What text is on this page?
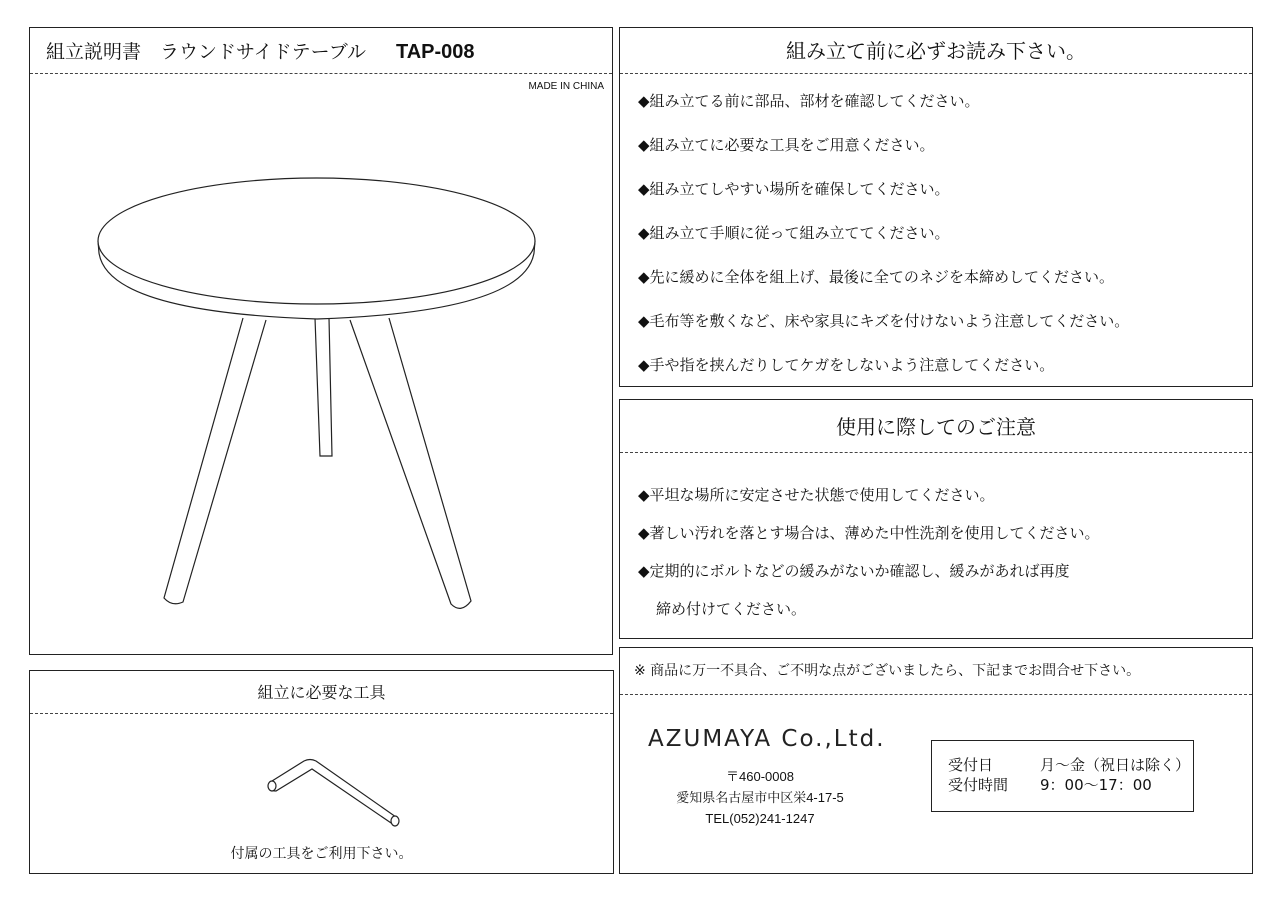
組立説明書　ラウンドサイドテーブル TAP-008
MADE IN CHINA
組立に必要な工具
付属の工具をご利用下さい。
組み立て前に必ずお読み下さい。
◆組み立てる前に部品、部材を確認してください。
◆組み立てに必要な工具をご用意ください。
◆組み立てしやすい場所を確保してください。
◆組み立て手順に従って組み立ててください。
◆先に緩めに全体を組上げ、最後に全てのネジを本締めしてください。
◆毛布等を敷くなど、床や家具にキズを付けないよう注意してください。
◆手や指を挟んだりしてケガをしないよう注意してください。
使用に際してのご注意
◆平坦な場所に安定させた状態で使用してください。
◆著しい汚れを落とす場合は、薄めた中性洗剤を使用してください。
◆定期的にボルトなどの緩みがないか確認し、緩みがあれば再度
締め付けてください。
※ 商品に万一不具合、ご不明な点がございましたら、下記までお問合せ下さい。
AZUMAYA Co.,Ltd.
〒460-0008
愛知県名古屋市中区栄4-17-5
TEL(052)241-1247
受付日	月～金（祝日は除く）
受付時間 9：00～17：00
